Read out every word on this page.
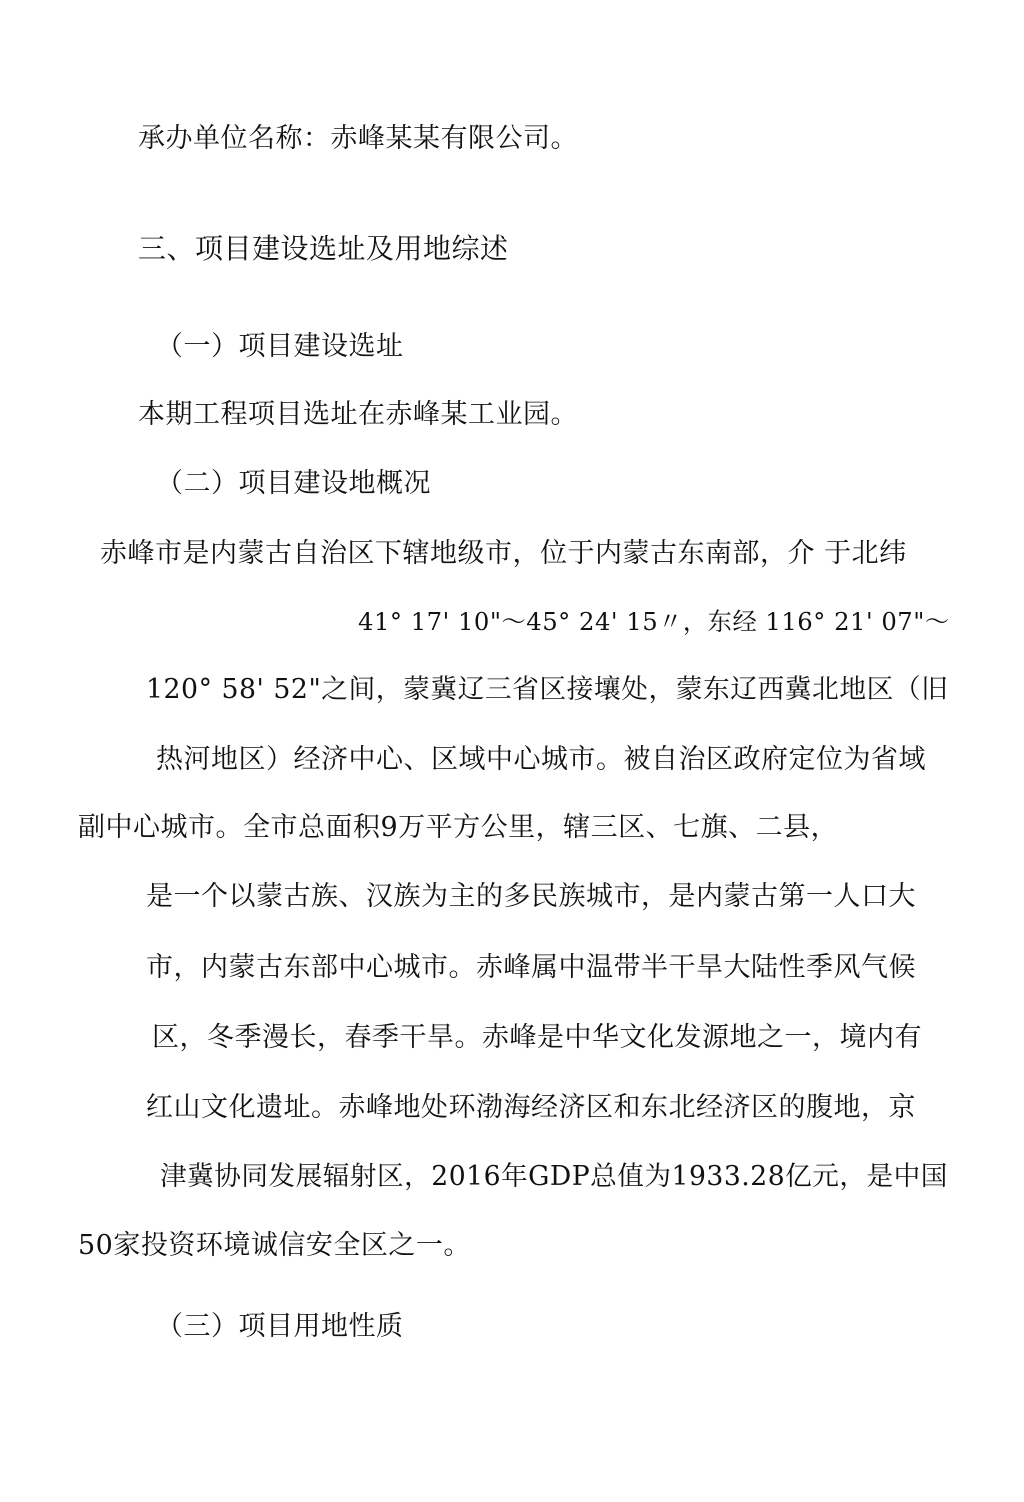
承办单位名称：赤峰某某有限公司。
三、项目建设选址及用地综述
（一）项目建设选址
本期工程项目选址在赤峰某工业园。
（二）项目建设地概况
赤峰市是内蒙古自治区下辖地级市，位于内蒙古东南部，介 于北纬
41° 17' 10"～45° 24' 15〃，东经 116° 21' 07"～
120° 58' 52"之间，蒙冀辽三省区接壤处，蒙东辽西冀北地区（旧
热河地区）经济中心、区域中心城市。被自治区政府定位为省域
副中心城市。全市总面积9万平方公里，辖三区、七旗、二县，
是一个以蒙古族、汉族为主的多民族城市，是内蒙古第一人口大
市，内蒙古东部中心城市。赤峰属中温带半干旱大陆性季风气候
区，冬季漫长，春季干旱。赤峰是中华文化发源地之一，境内有
红山文化遗址。赤峰地处环渤海经济区和东北经济区的腹地，京
津冀协同发展辐射区，2016年GDP总值为1933.28亿元，是中国
50家投资环境诚信安全区之一。
（三）项目用地性质
